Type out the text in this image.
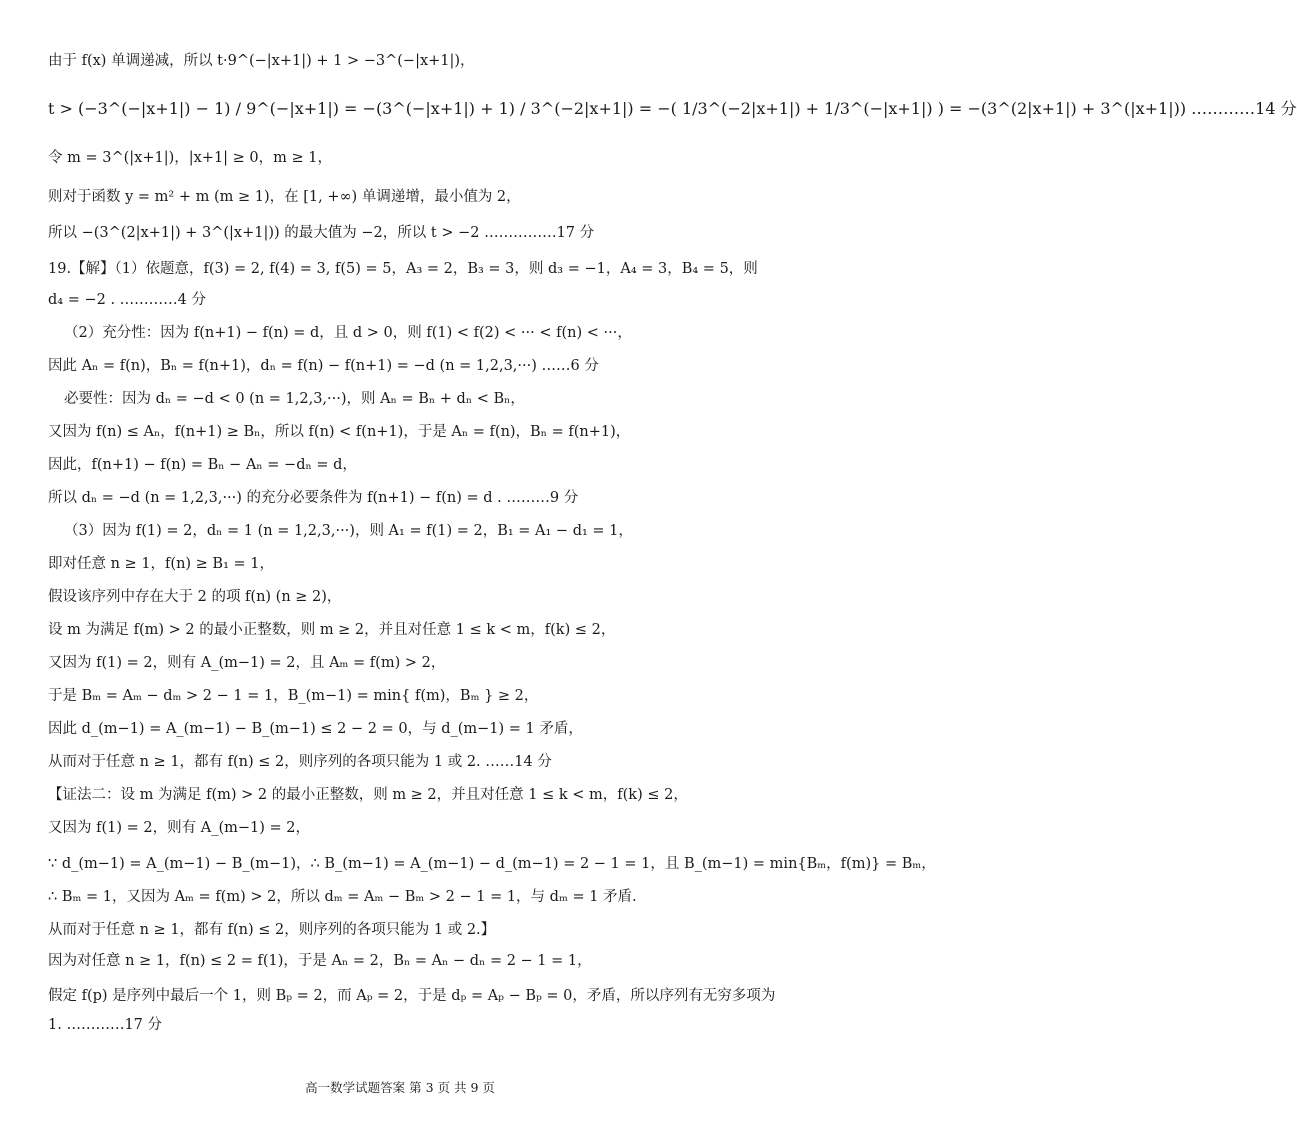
由于 f(x) 单调递减，所以 t·9^(−|x+1|) + 1 > −3^(−|x+1|)，
t > (−3^(−|x+1|) − 1) / 9^(−|x+1|) = −(3^(−|x+1|) + 1) / 3^(−2|x+1|) = −( 1/3^(−2|x+1|) + 1/3^(−|x+1|) ) = −(3^(2|x+1|) + 3^(|x+1|)) …………14 分
令 m = 3^(|x+1|)，|x+1| ≥ 0，m ≥ 1，
则对于函数 y = m² + m (m ≥ 1)，在 [1, +∞) 单调递增，最小值为 2，
所以 −(3^(2|x+1|) + 3^(|x+1|)) 的最大值为 −2，所以 t > −2 ……………17 分
19.【解】（1）依题意，f(3) = 2, f(4) = 3, f(5) = 5，A₃ = 2，B₃ = 3，则 d₃ = −1，A₄ = 3，B₄ = 5，则
d₄ = −2 . …………4 分
（2）充分性：因为 f(n+1) − f(n) = d，且 d > 0，则 f(1) < f(2) < ··· < f(n) < ···，
因此 Aₙ = f(n)，Bₙ = f(n+1)，dₙ = f(n) − f(n+1) = −d (n = 1,2,3,···) ……6 分
必要性：因为 dₙ = −d < 0 (n = 1,2,3,···)，则 Aₙ = Bₙ + dₙ < Bₙ，
又因为 f(n) ≤ Aₙ，f(n+1) ≥ Bₙ，所以 f(n) < f(n+1)，于是 Aₙ = f(n)，Bₙ = f(n+1)，
因此，f(n+1) − f(n) = Bₙ − Aₙ = −dₙ = d，
所以 dₙ = −d (n = 1,2,3,···) 的充分必要条件为 f(n+1) − f(n) = d . ………9 分
（3）因为 f(1) = 2，dₙ = 1 (n = 1,2,3,···)，则 A₁ = f(1) = 2，B₁ = A₁ − d₁ = 1，
即对任意 n ≥ 1，f(n) ≥ B₁ = 1，
假设该序列中存在大于 2 的项 f(n) (n ≥ 2)，
设 m 为满足 f(m) > 2 的最小正整数，则 m ≥ 2，并且对任意 1 ≤ k < m，f(k) ≤ 2，
又因为 f(1) = 2，则有 A_(m−1) = 2，且 Aₘ = f(m) > 2，
于是 Bₘ = Aₘ − dₘ > 2 − 1 = 1，B_(m−1) = min{ f(m)，Bₘ } ≥ 2，
因此 d_(m−1) = A_(m−1) − B_(m−1) ≤ 2 − 2 = 0，与 d_(m−1) = 1 矛盾，
从而对于任意 n ≥ 1，都有 f(n) ≤ 2，则序列的各项只能为 1 或 2. ……14 分
【证法二：设 m 为满足 f(m) > 2 的最小正整数，则 m ≥ 2，并且对任意 1 ≤ k < m，f(k) ≤ 2，
又因为 f(1) = 2，则有 A_(m−1) = 2，
∵ d_(m−1) = A_(m−1) − B_(m−1)，∴ B_(m−1) = A_(m−1) − d_(m−1) = 2 − 1 = 1，且 B_(m−1) = min{Bₘ，f(m)} = Bₘ，
∴ Bₘ = 1，又因为 Aₘ = f(m) > 2，所以 dₘ = Aₘ − Bₘ > 2 − 1 = 1，与 dₘ = 1 矛盾.
从而对于任意 n ≥ 1，都有 f(n) ≤ 2，则序列的各项只能为 1 或 2.】
因为对任意 n ≥ 1，f(n) ≤ 2 = f(1)，于是 Aₙ = 2，Bₙ = Aₙ − dₙ = 2 − 1 = 1，
假定 f(p) 是序列中最后一个 1，则 Bₚ = 2，而 Aₚ = 2，于是 dₚ = Aₚ − Bₚ = 0，矛盾，所以序列有无穷多项为
1. …………17 分
高一数学试题答案 第 3 页 共 9 页
